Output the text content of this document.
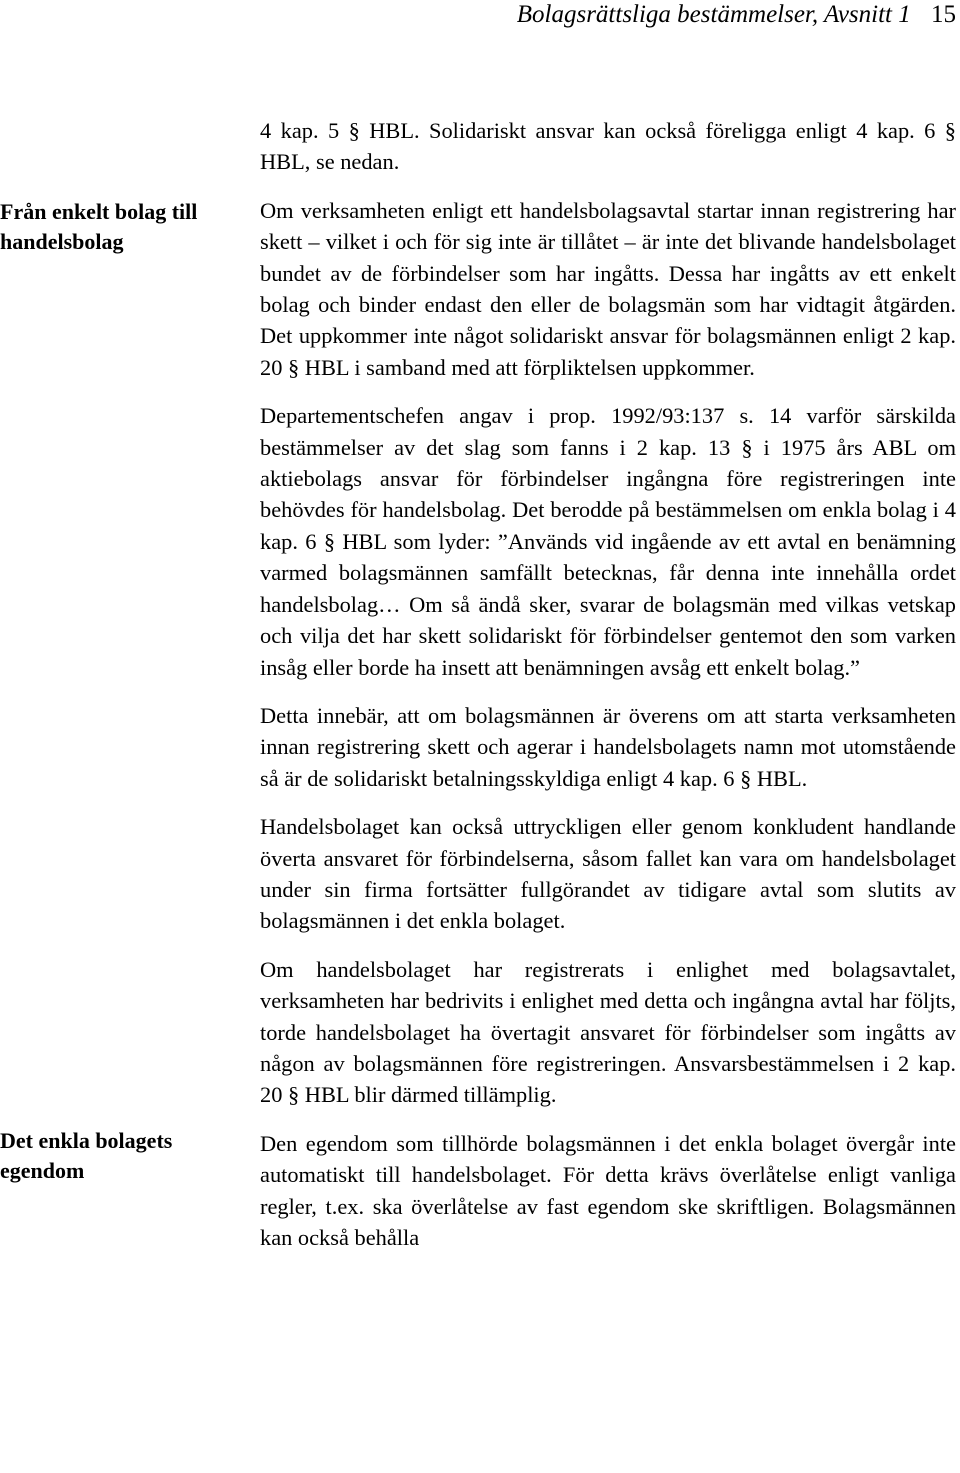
Bolagsrättsliga bestämmelser, Avsnitt 1 15

4 kap. 5 § HBL. Solidariskt ansvar kan också föreligga enligt 4 kap. 6 § HBL, se nedan.

Från enkelt bolag till handelsbolag

Om verksamheten enligt ett handelsbolagsavtal startar innan registrering har skett – vilket i och för sig inte är tillåtet – är inte det blivande handelsbolaget bundet av de förbindelser som har ingåtts. Dessa har ingåtts av ett enkelt bolag och binder endast den eller de bolagsmän som har vidtagit åtgärden. Det uppkommer inte något solidariskt ansvar för bolagsmännen enligt 2 kap. 20 § HBL i samband med att förpliktelsen uppkommer.

Departementschefen angav i prop. 1992/93:137 s. 14 varför särskilda bestämmelser av det slag som fanns i 2 kap. 13 § i 1975 års ABL om aktiebolags ansvar för förbindelser ingångna före registreringen inte behövdes för handelsbolag. Det berodde på bestämmelsen om enkla bolag i 4 kap. 6 § HBL som lyder: ”Används vid ingående av ett avtal en benämning varmed bolagsmännen samfällt betecknas, får denna inte innehålla ordet handelsbolag… Om så ändå sker, svarar de bolagsmän med vilkas vetskap och vilja det har skett solidariskt för förbindelser gentemot den som varken insåg eller borde ha insett att benämningen avsåg ett enkelt bolag.”

Detta innebär, att om bolagsmännen är överens om att starta verksamheten innan registrering skett och agerar i handelsbolagets namn mot utomstående så är de solidariskt betalningsskyldiga enligt 4 kap. 6 § HBL.

Handelsbolaget kan också uttryckligen eller genom konkludent handlande överta ansvaret för förbindelserna, såsom fallet kan vara om handelsbolaget under sin firma fortsätter fullgörandet av tidigare avtal som slutits av bolagsmännen i det enkla bolaget.

Om handelsbolaget har registrerats i enlighet med bolagsavtalet, verksamheten har bedrivits i enlighet med detta och ingångna avtal har följts, torde handelsbolaget ha övertagit ansvaret för förbindelser som ingåtts av någon av bolagsmännen före registreringen. Ansvarsbestämmelsen i 2 kap. 20 § HBL blir därmed tillämplig.

Det enkla bolagets egendom

Den egendom som tillhörde bolagsmännen i det enkla bolaget övergår inte automatiskt till handelsbolaget. För detta krävs överlåtelse enligt vanliga regler, t.ex. ska överlåtelse av fast egendom ske skriftligen. Bolagsmännen kan också behålla
